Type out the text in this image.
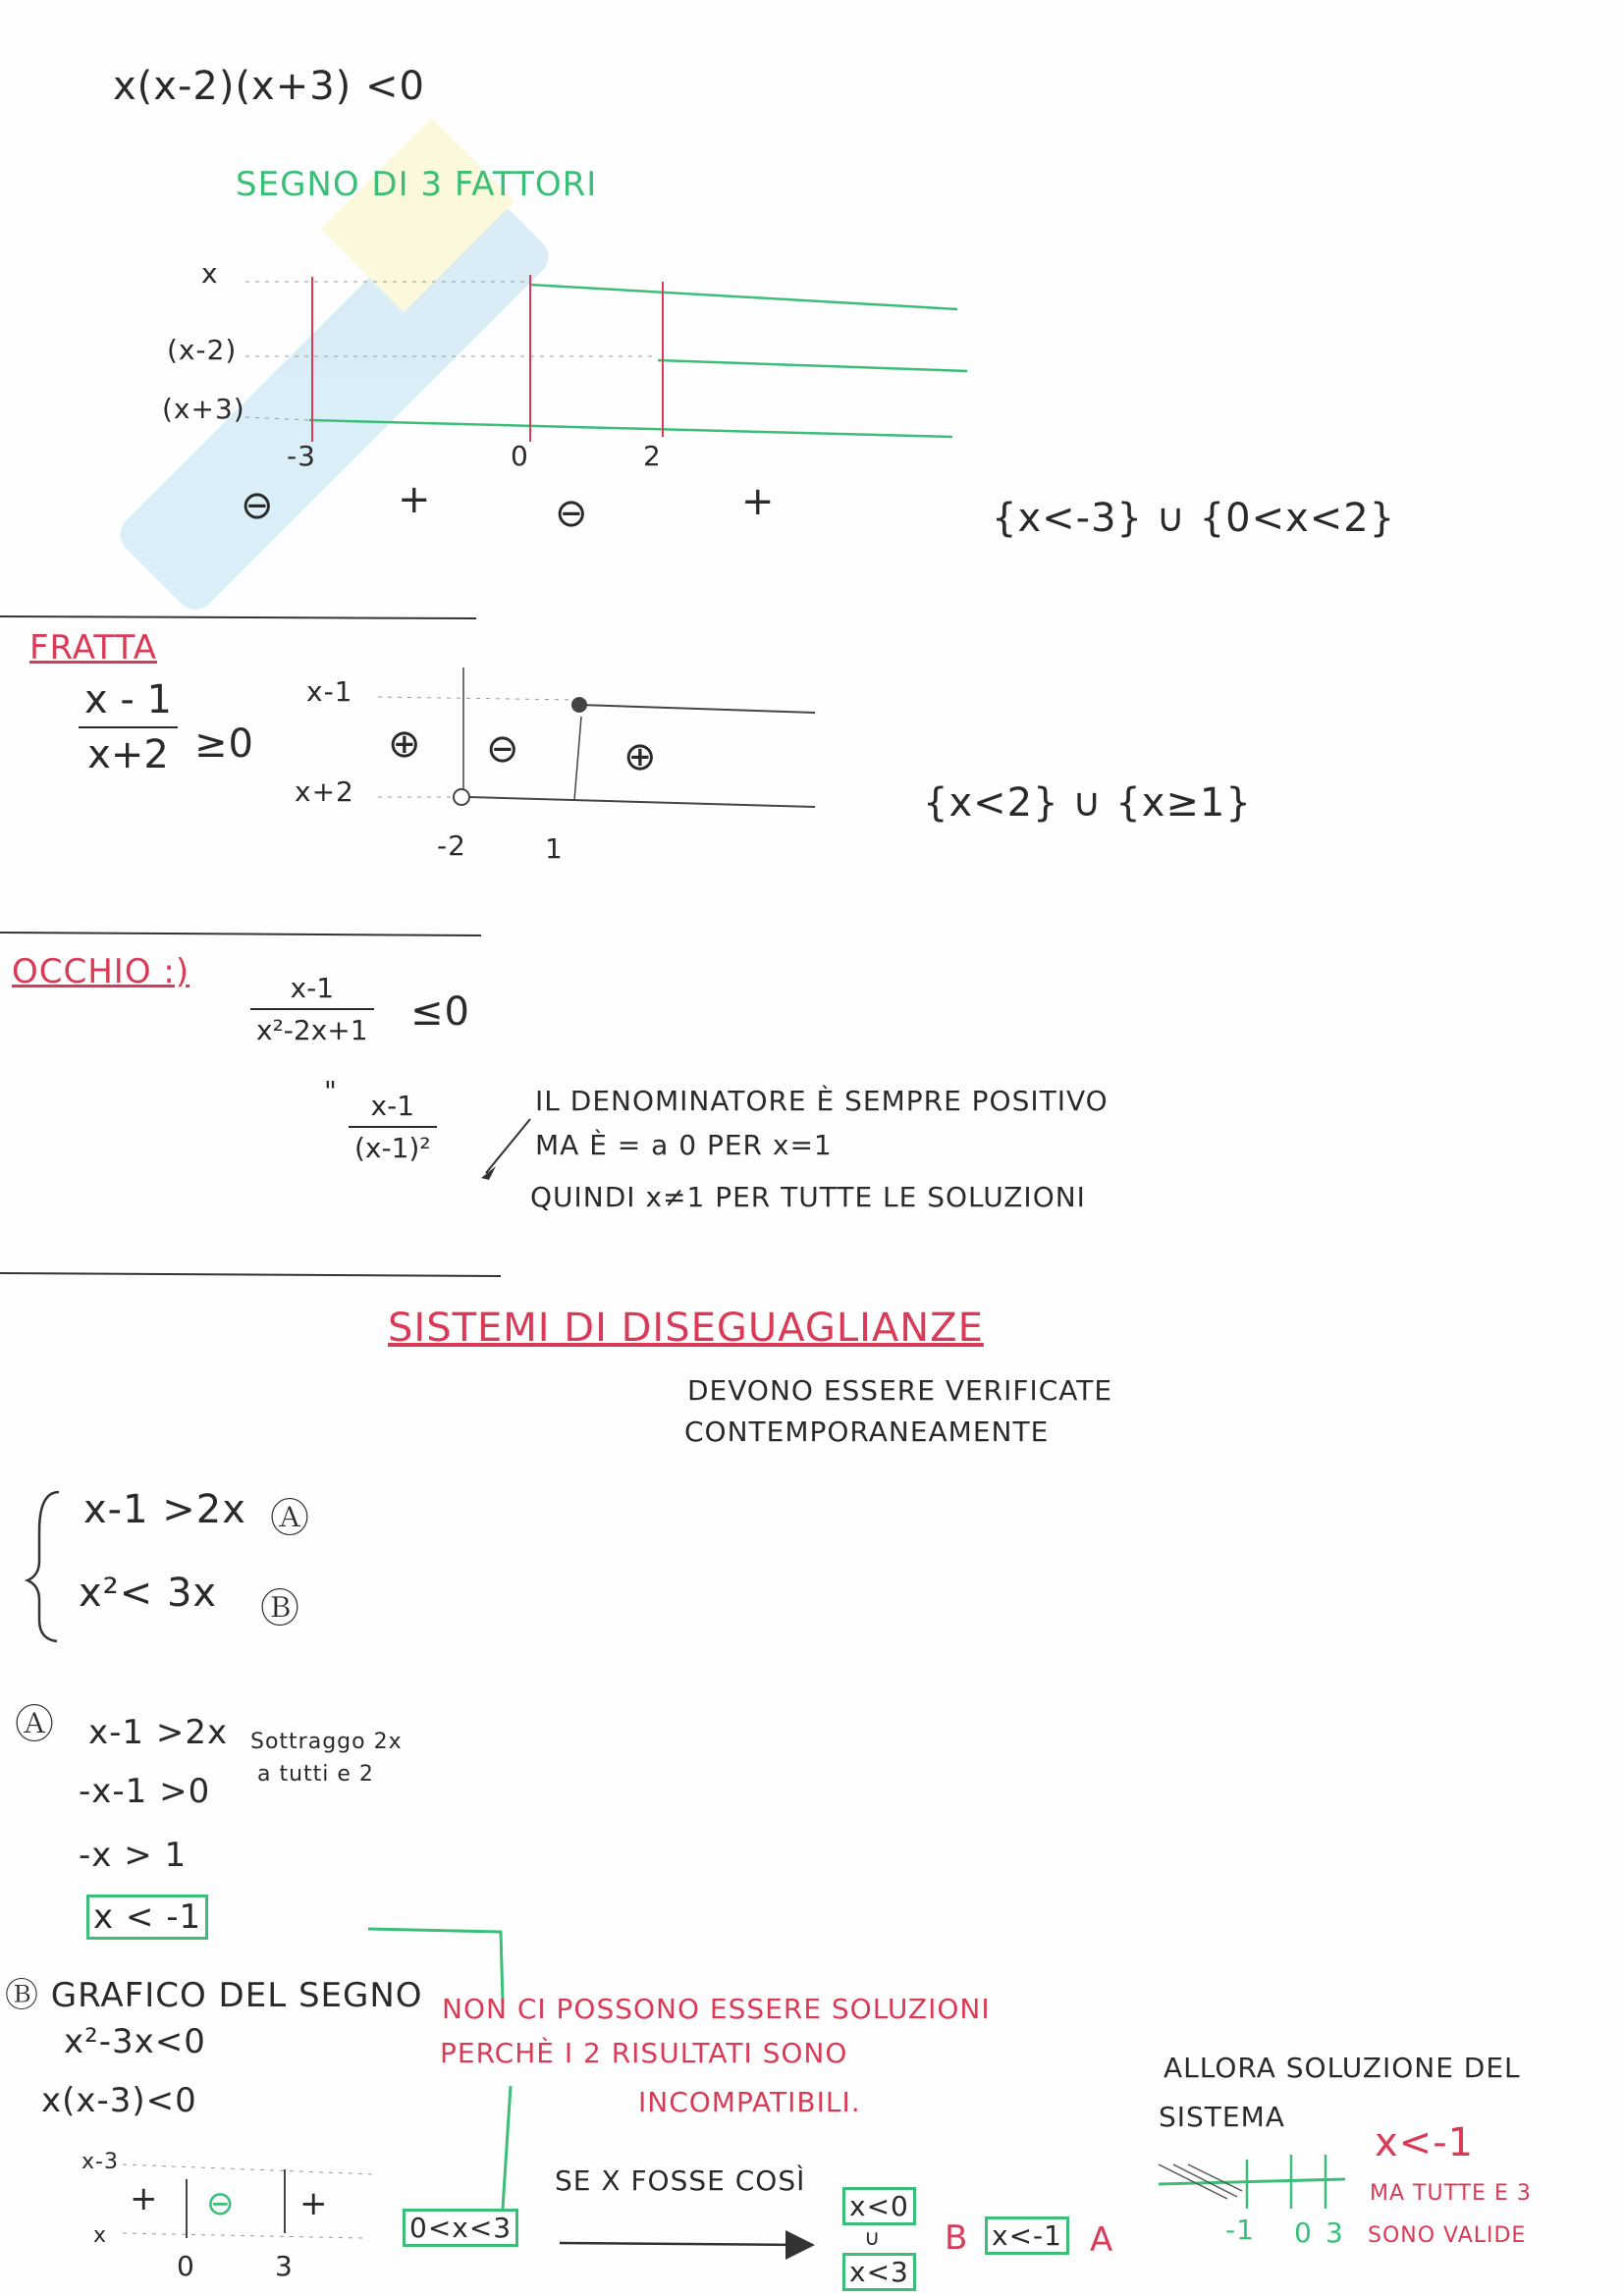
x(x-2)(x+3) <0
SEGNO DI 3 FATTORI
x
(x-2)
(x+3)
-3	0	2
⊖	+	⊖	+	{x<-3} ∪ {0<x<2}
FRATTA
x - 1
x+2 ≥0
x-1
x+2
⊕ ⊖	⊕
-2	1
{x<2} ∪ {x≥1}
OCCHIO :)	x-1
x²-2x+1 ≤0
"	x-1
(x-1)²
IL DENOMINATORE È SEMPRE POSITIVO
MA È = a 0 PER x=1
QUINDI x≠1 PER TUTTE LE SOLUZIONI
SISTEMI DI DISEGUAGLIANZE
DEVONO ESSERE VERIFICATE
CONTEMPORANEAMENTE
x-1 >2x Ⓐ
x²< 3x Ⓑ
Ⓐ x-1 >2x Sottraggo 2x
a tutti e 2
-x-1 >0
-x > 1
x < -1
Ⓑ GRAFICO DEL SEGNO
x²-3x<0
x(x-3)<0
x-3
x
+ ⊖ +
0	3
0<x<3
NON CI POSSONO ESSERE SOLUZIONI
PERCHÈ I 2 RISULTATI SONO
INCOMPATIBILI.
SE X FOSSE COSÌ
x<0
∪
x<3
B x<-1 A
ALLORA SOLUZIONE DEL
SISTEMA
x<-1
MA TUTTE E 3
SONO VALIDE
-1 0 3
